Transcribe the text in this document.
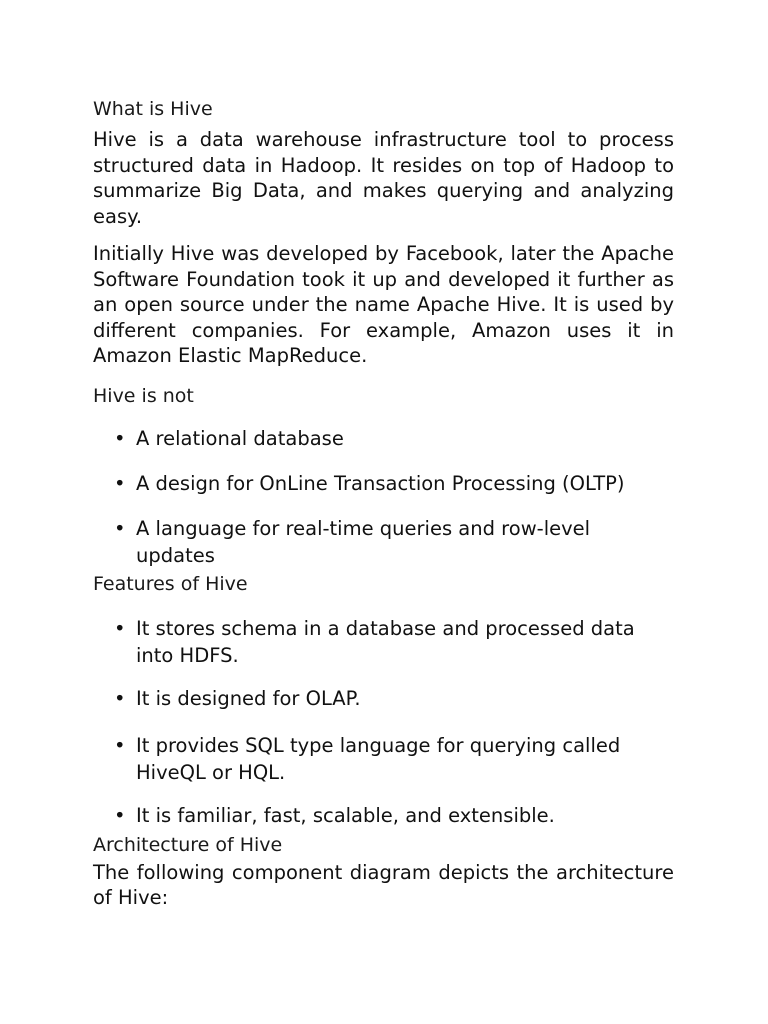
What is Hive

Hive is a data warehouse infrastructure tool to process structured data in Hadoop. It resides on top of Hadoop to summarize Big Data, and makes querying and analyzing easy.

Initially Hive was developed by Facebook, later the Apache Software Foundation took it up and developed it further as an open source under the name Apache Hive. It is used by different companies. For example, Amazon uses it in Amazon Elastic MapReduce.

Hive is not
• A relational database
• A design for OnLine Transaction Processing (OLTP)
• A language for real-time queries and row-level updates
Features of Hive
• It stores schema in a database and processed data into HDFS.
• It is designed for OLAP.
• It provides SQL type language for querying called HiveQL or HQL.
• It is familiar, fast, scalable, and extensible.
Architecture of Hive

The following component diagram depicts the architecture of Hive:
